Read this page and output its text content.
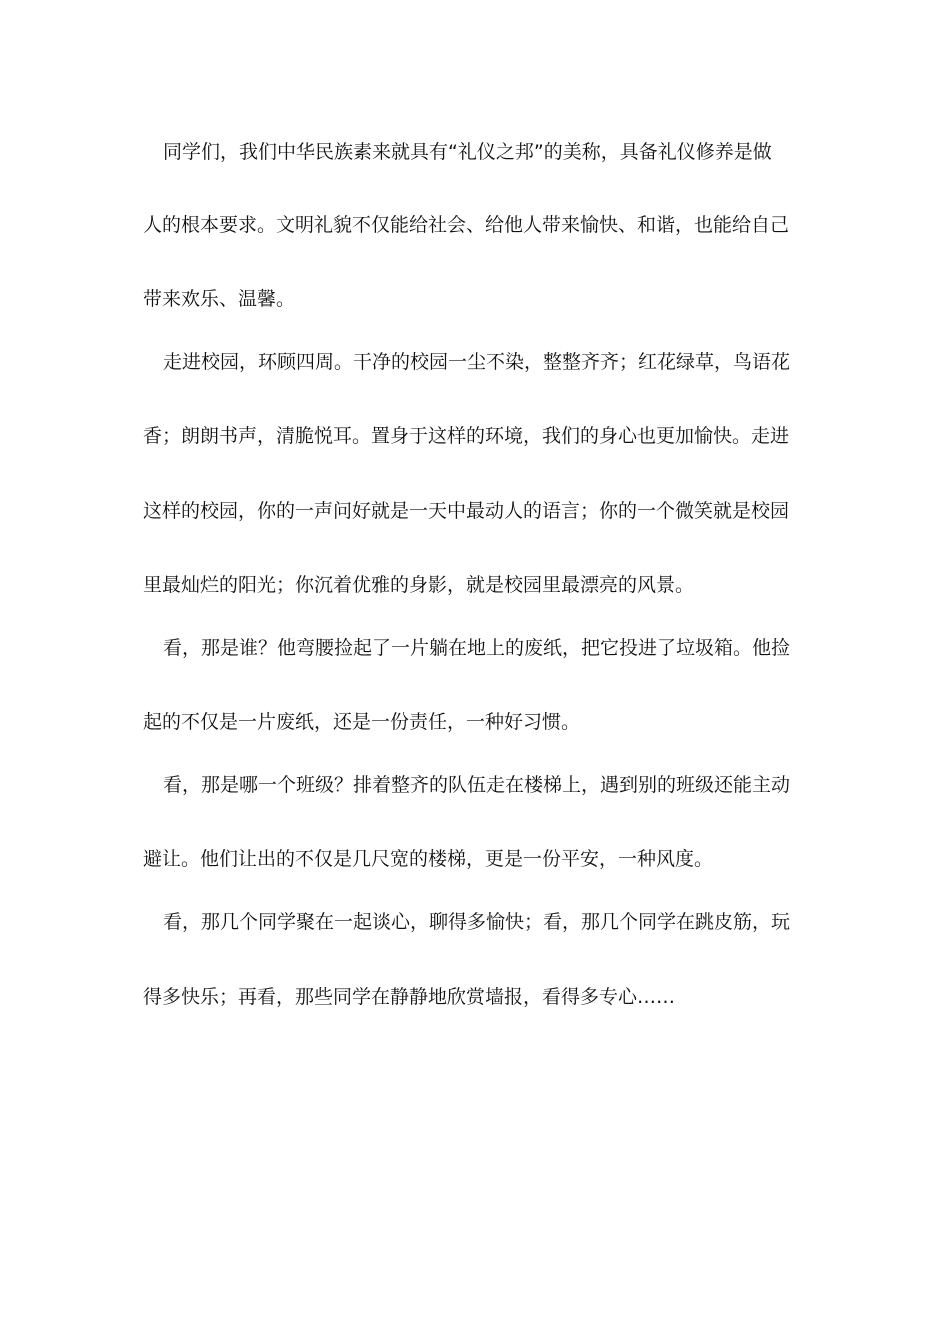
同学们，我们中华民族素来就具有“礼仪之邦”的美称，具备礼仪修养是做
人的根本要求。文明礼貌不仅能给社会、给他人带来愉快、和谐，也能给自己
带来欢乐、温馨。
走进校园，环顾四周。干净的校园一尘不染，整整齐齐；红花绿草，鸟语花
香；朗朗书声，清脆悦耳。置身于这样的环境，我们的身心也更加愉快。走进
这样的校园，你的一声问好就是一天中最动人的语言；你的一个微笑就是校园
里最灿烂的阳光；你沉着优雅的身影，就是校园里最漂亮的风景。
看，那是谁？他弯腰捡起了一片躺在地上的废纸，把它投进了垃圾箱。他捡
起的不仅是一片废纸，还是一份责任，一种好习惯。
看，那是哪一个班级？排着整齐的队伍走在楼梯上，遇到别的班级还能主动
避让。他们让出的不仅是几尺宽的楼梯，更是一份平安，一种风度。
看，那几个同学聚在一起谈心，聊得多愉快；看，那几个同学在跳皮筋，玩
得多快乐；再看，那些同学在静静地欣赏墙报，看得多专心……
